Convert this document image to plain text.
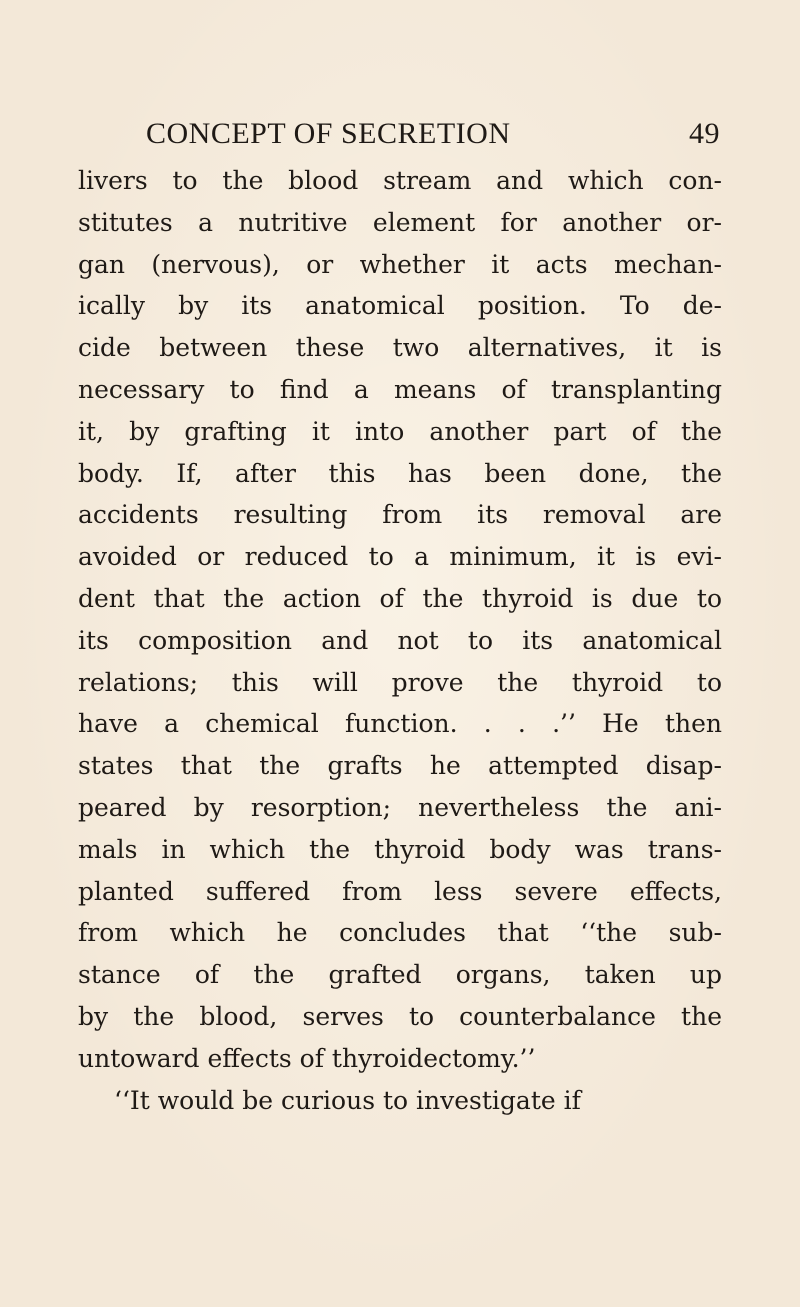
CONCEPT OF SECRETION	49
livers to the blood stream and which con-
stitutes a nutritive element for another or-
gan (nervous), or whether it acts mechan-
ically by its anatomical position. To de-
cide between these two alternatives, it is
necessary to find a means of transplanting
it, by grafting it into another part of the
body. If, after this has been done, the
accidents resulting from its removal are
avoided or reduced to a minimum, it is evi-
dent that the action of the thyroid is due to
its composition and not to its anatomical
relations; this will prove the thyroid to
have a chemical function. . . .’’ He then
states that the grafts he attempted disap-
peared by resorption; nevertheless the ani-
mals in which the thyroid body was trans-
planted suffered from less severe effects,
from which he concludes that ‘‘the sub-
stance of the grafted organs, taken up
by the blood, serves to counterbalance the
untoward effects of thyroidectomy.’’
‘‘It would be curious to investigate if
